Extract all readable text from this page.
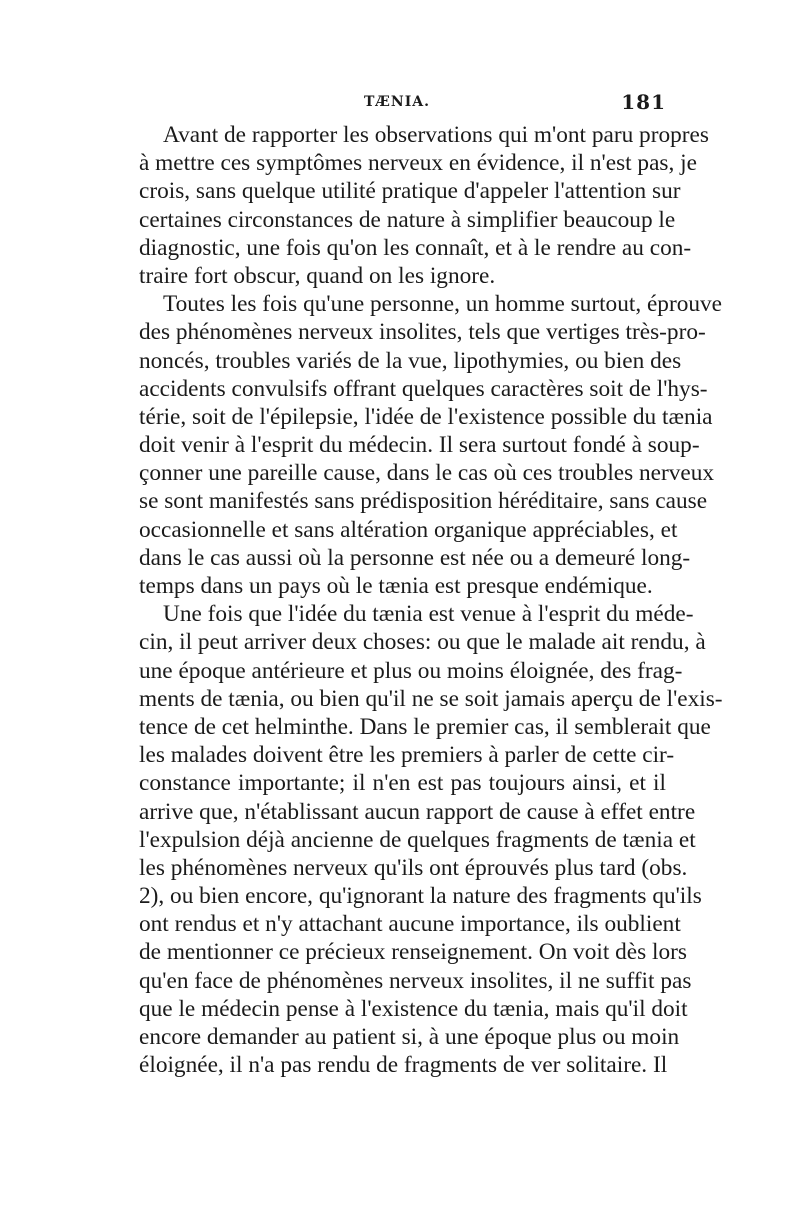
TÆNIA.	181
Avant de rapporter les observations qui m'ont paru propres
à mettre ces symptômes nerveux en évidence, il n'est pas, je
crois, sans quelque utilité pratique d'appeler l'attention sur
certaines circonstances de nature à simplifier beaucoup le
diagnostic, une fois qu'on les connaît, et à le rendre au con-
traire fort obscur, quand on les ignore.
Toutes les fois qu'une personne, un homme surtout, éprouve
des phénomènes nerveux insolites, tels que vertiges très-pro-
noncés, troubles variés de la vue, lipothymies, ou bien des
accidents convulsifs offrant quelques caractères soit de l'hys-
térie, soit de l'épilepsie, l'idée de l'existence possible du tænia
doit venir à l'esprit du médecin. Il sera surtout fondé à soup-
çonner une pareille cause, dans le cas où ces troubles nerveux
se sont manifestés sans prédisposition héréditaire, sans cause
occasionnelle et sans altération organique appréciables, et
dans le cas aussi où la personne est née ou a demeuré long-
temps dans un pays où le tænia est presque endémique.
Une fois que l'idée du tænia est venue à l'esprit du méde-
cin, il peut arriver deux choses: ou que le malade ait rendu, à
une époque antérieure et plus ou moins éloignée, des frag-
ments de tænia, ou bien qu'il ne se soit jamais aperçu de l'exis-
tence de cet helminthe. Dans le premier cas, il semblerait que
les malades doivent être les premiers à parler de cette cir-
constance importante; il n'en est pas toujours ainsi, et il
arrive que, n'établissant aucun rapport de cause à effet entre
l'expulsion déjà ancienne de quelques fragments de tænia et
les phénomènes nerveux qu'ils ont éprouvés plus tard (obs.
2), ou bien encore, qu'ignorant la nature des fragments qu'ils
ont rendus et n'y attachant aucune importance, ils oublient
de mentionner ce précieux renseignement. On voit dès lors
qu'en face de phénomènes nerveux insolites, il ne suffit pas
que le médecin pense à l'existence du tænia, mais qu'il doit
encore demander au patient si, à une époque plus ou moin
éloignée, il n'a pas rendu de fragments de ver solitaire. Il
